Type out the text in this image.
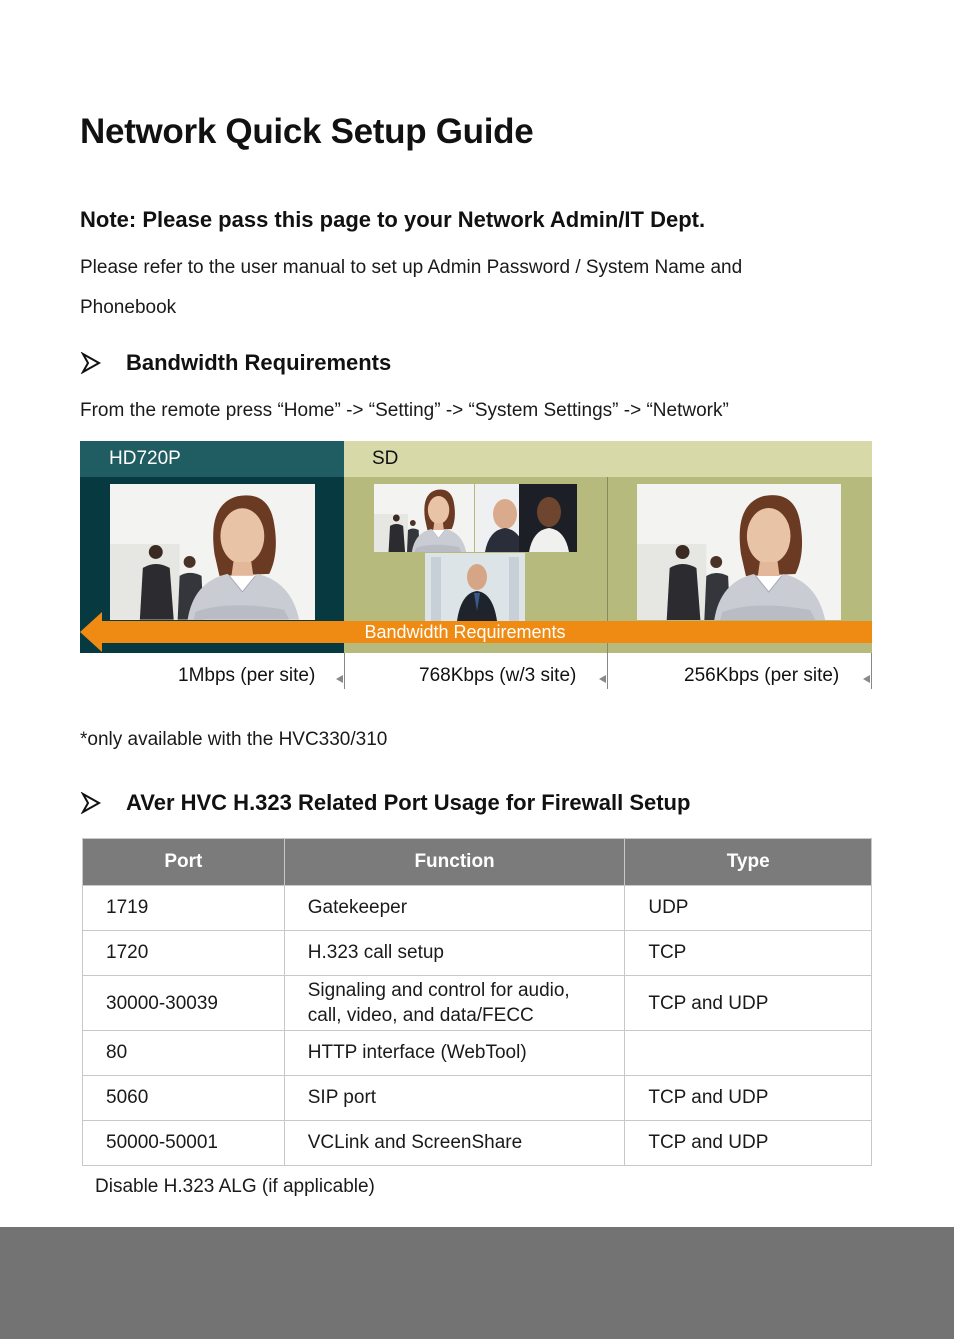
Network Quick Setup Guide
Note: Please pass this page to your Network Admin/IT Dept.
Please refer to the user manual to set up Admin Password / System Name and
Phonebook
Bandwidth Requirements
From the remote press “Home” -> “Setting” -> “System Settings” -> “Network”
HD720P	SD
Bandwidth Requirements
1Mbps (per site)	768Kbps (w/3 site)	256Kbps (per site)
*only available with the HVC330/310
AVer HVC H.323 Related Port Usage for Firewall Setup
Port	Function	Type
1719	Gatekeeper	UDP
1720	H.323 call setup	TCP
30000-30039	Signaling and control for audio, call, video, and data/FECC	TCP and UDP
80	HTTP interface (WebTool)	
5060	SIP port	TCP and UDP
50000-50001	VCLink and ScreenShare	TCP and UDP
Disable H.323 ALG (if applicable)
